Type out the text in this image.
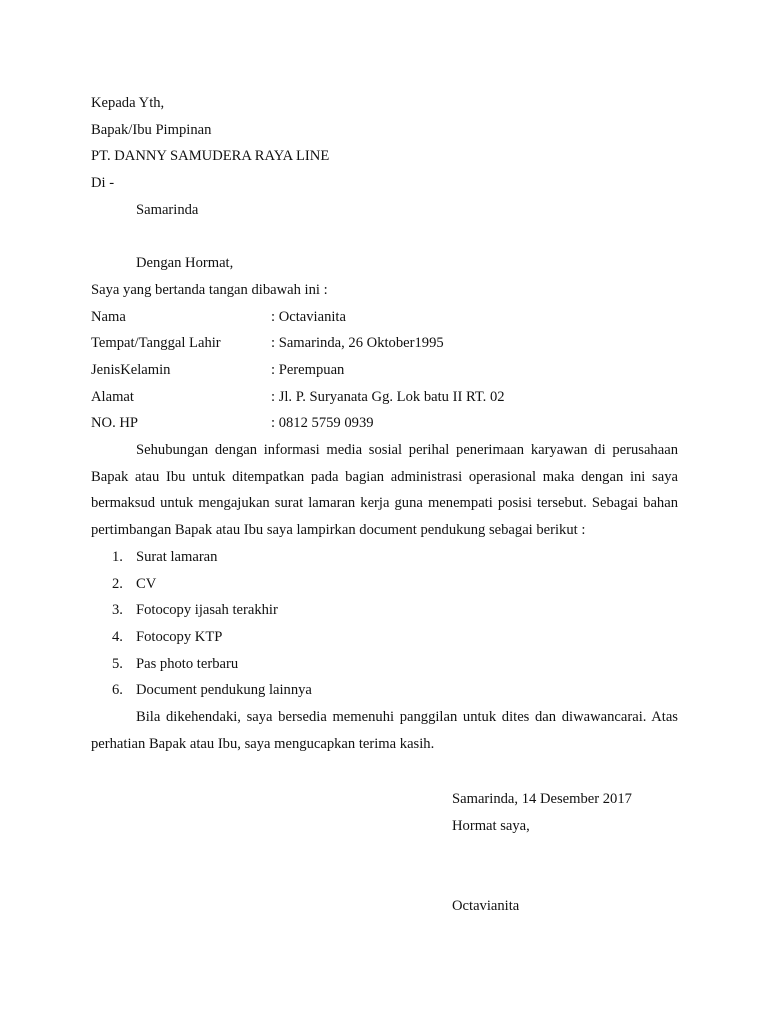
Kepada Yth,
Bapak/Ibu Pimpinan
PT. DANNY SAMUDERA RAYA LINE
Di -
Samarinda
Dengan Hormat,
Saya yang bertanda tangan dibawah ini :
Nama	: Octavianita
Tempat/Tanggal Lahir	: Samarinda, 26 Oktober1995
JenisKelamin	: Perempuan
Alamat	: Jl. P. Suryanata Gg. Lok batu II RT. 02
NO. HP	: 0812 5759 0939
Sehubungan dengan informasi media sosial perihal penerimaan karyawan di perusahaan Bapak atau Ibu untuk ditempatkan pada bagian administrasi operasional maka dengan ini saya bermaksud untuk mengajukan surat lamaran kerja guna menempati posisi tersebut. Sebagai bahan pertimbangan Bapak atau Ibu saya lampirkan document pendukung sebagai berikut :
1. Surat lamaran
2. CV
3. Fotocopy ijasah terakhir
4. Fotocopy KTP
5. Pas photo terbaru
6. Document pendukung lainnya
Bila dikehendaki, saya bersedia memenuhi panggilan untuk dites dan diwawancarai. Atas perhatian Bapak atau Ibu, saya mengucapkan terima kasih.
Samarinda, 14 Desember 2017
Hormat saya,
Octavianita
